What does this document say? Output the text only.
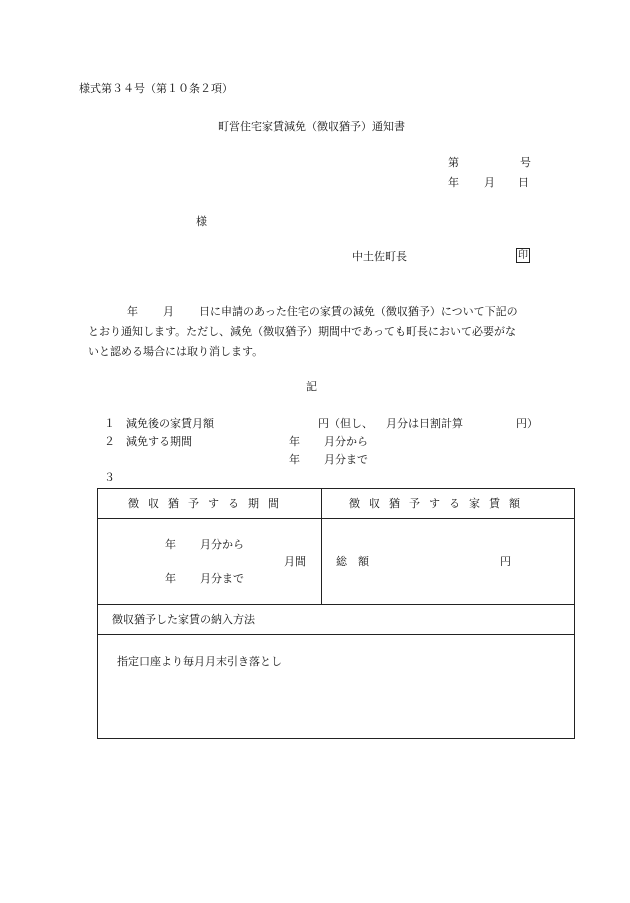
様式第３４号（第１０条２項）
町営住宅家賃減免（徴収猶予）通知書
第	号
年 月 日
様
中土佐町長	印
年 月 日に申請のあった住宅の家賃の減免（徴収猶予）について下記の
とおり通知します。ただし、減免（徴収猶予）期間中であっても町長において必要がな
いと認める場合には取り消します。
記
１ 減免後の家賃月額	円（但し、 月分は日割計算	円）
２ 減免する期間	年 月分から
年 月分まで
３
徴収猶予する期間	徴収猶予する家賃額
年 月分から
月間
年 月分まで
総　額	円
徴収猶予した家賃の納入方法
指定口座より毎月月末引き落とし
